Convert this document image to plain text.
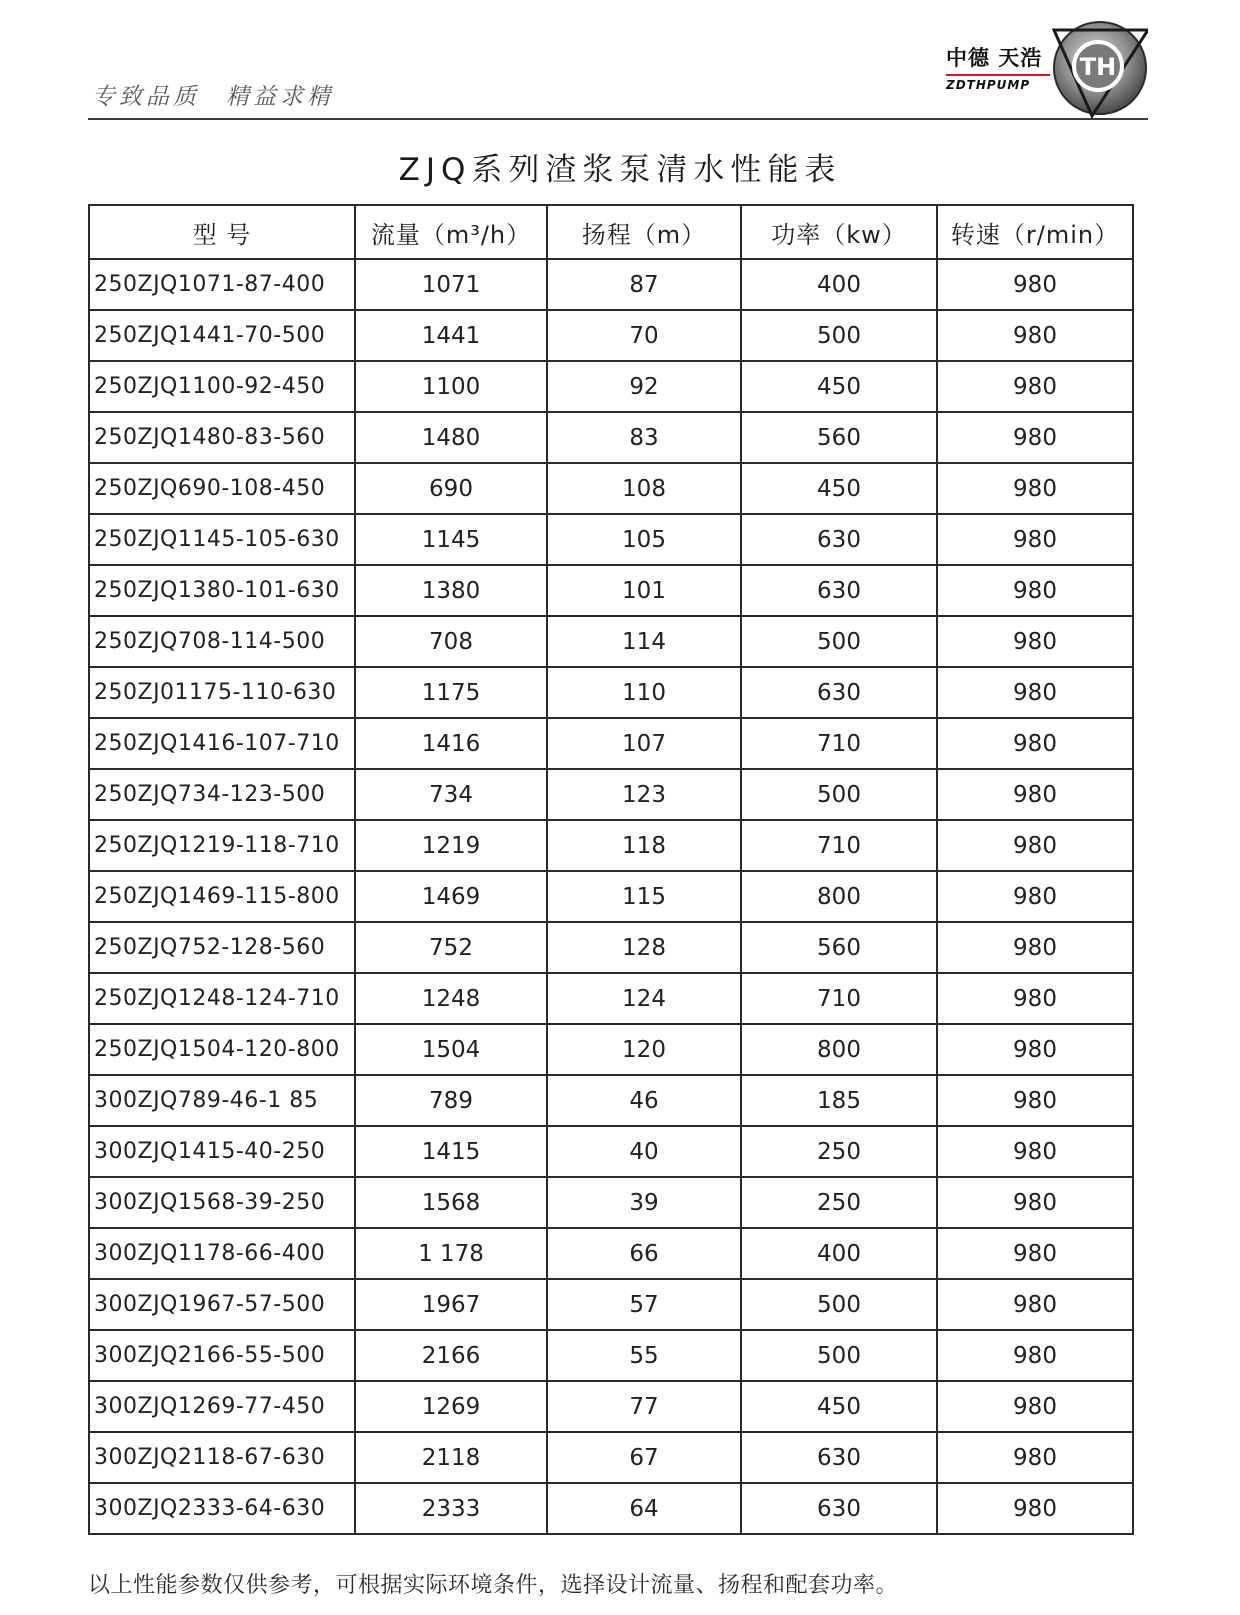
专致品质 精益求精
中德 天浩
ZDTHPUMP
TH
ZJQ系列渣浆泵清水性能表
型 号	流量（m³/h）	扬程（m）	功率（kw）	转速（r/min）
250ZJQ1071-87-400	1071	87	400	980
250ZJQ1441-70-500	1441	70	500	980
250ZJQ1100-92-450	1100	92	450	980
250ZJQ1480-83-560	1480	83	560	980
250ZJQ690-108-450	690	108	450	980
250ZJQ1145-105-630	1145	105	630	980
250ZJQ1380-101-630	1380	101	630	980
250ZJQ708-114-500	708	114	500	980
250ZJ01175-110-630	1175	110	630	980
250ZJQ1416-107-710	1416	107	710	980
250ZJQ734-123-500	734	123	500	980
250ZJQ1219-118-710	1219	118	710	980
250ZJQ1469-115-800	1469	115	800	980
250ZJQ752-128-560	752	128	560	980
250ZJQ1248-124-710	1248	124	710	980
250ZJQ1504-120-800	1504	120	800	980
300ZJQ789-46-1 85	789	46	185	980
300ZJQ1415-40-250	1415	40	250	980
300ZJQ1568-39-250	1568	39	250	980
300ZJQ1178-66-400	1 178	66	400	980
300ZJQ1967-57-500	1967	57	500	980
300ZJQ2166-55-500	2166	55	500	980
300ZJQ1269-77-450	1269	77	450	980
300ZJQ2118-67-630	2118	67	630	980
300ZJQ2333-64-630	2333	64	630	980
以上性能参数仅供参考，可根据实际环境条件，选择设计流量、扬程和配套功率。
